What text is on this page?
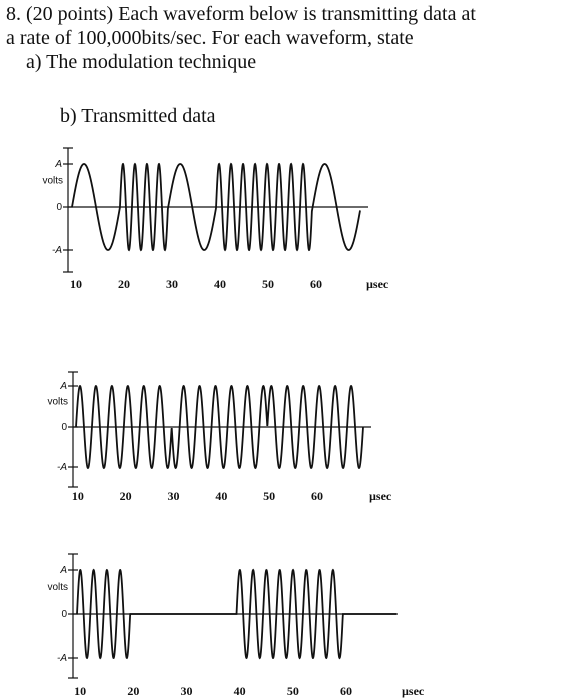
8. (20 points) Each waveform below is transmitting data at
a rate of 100,000bits/sec. For each waveform, state
a) The modulation technique
b) Transmitted data
A
0
-A
volts
10	20	30	40	50	60	µsec
A
0
-A
volts
10	20	30	40	50	60	µsec
A
0
-A
volts
10	20	30	40	50	60	µsec
